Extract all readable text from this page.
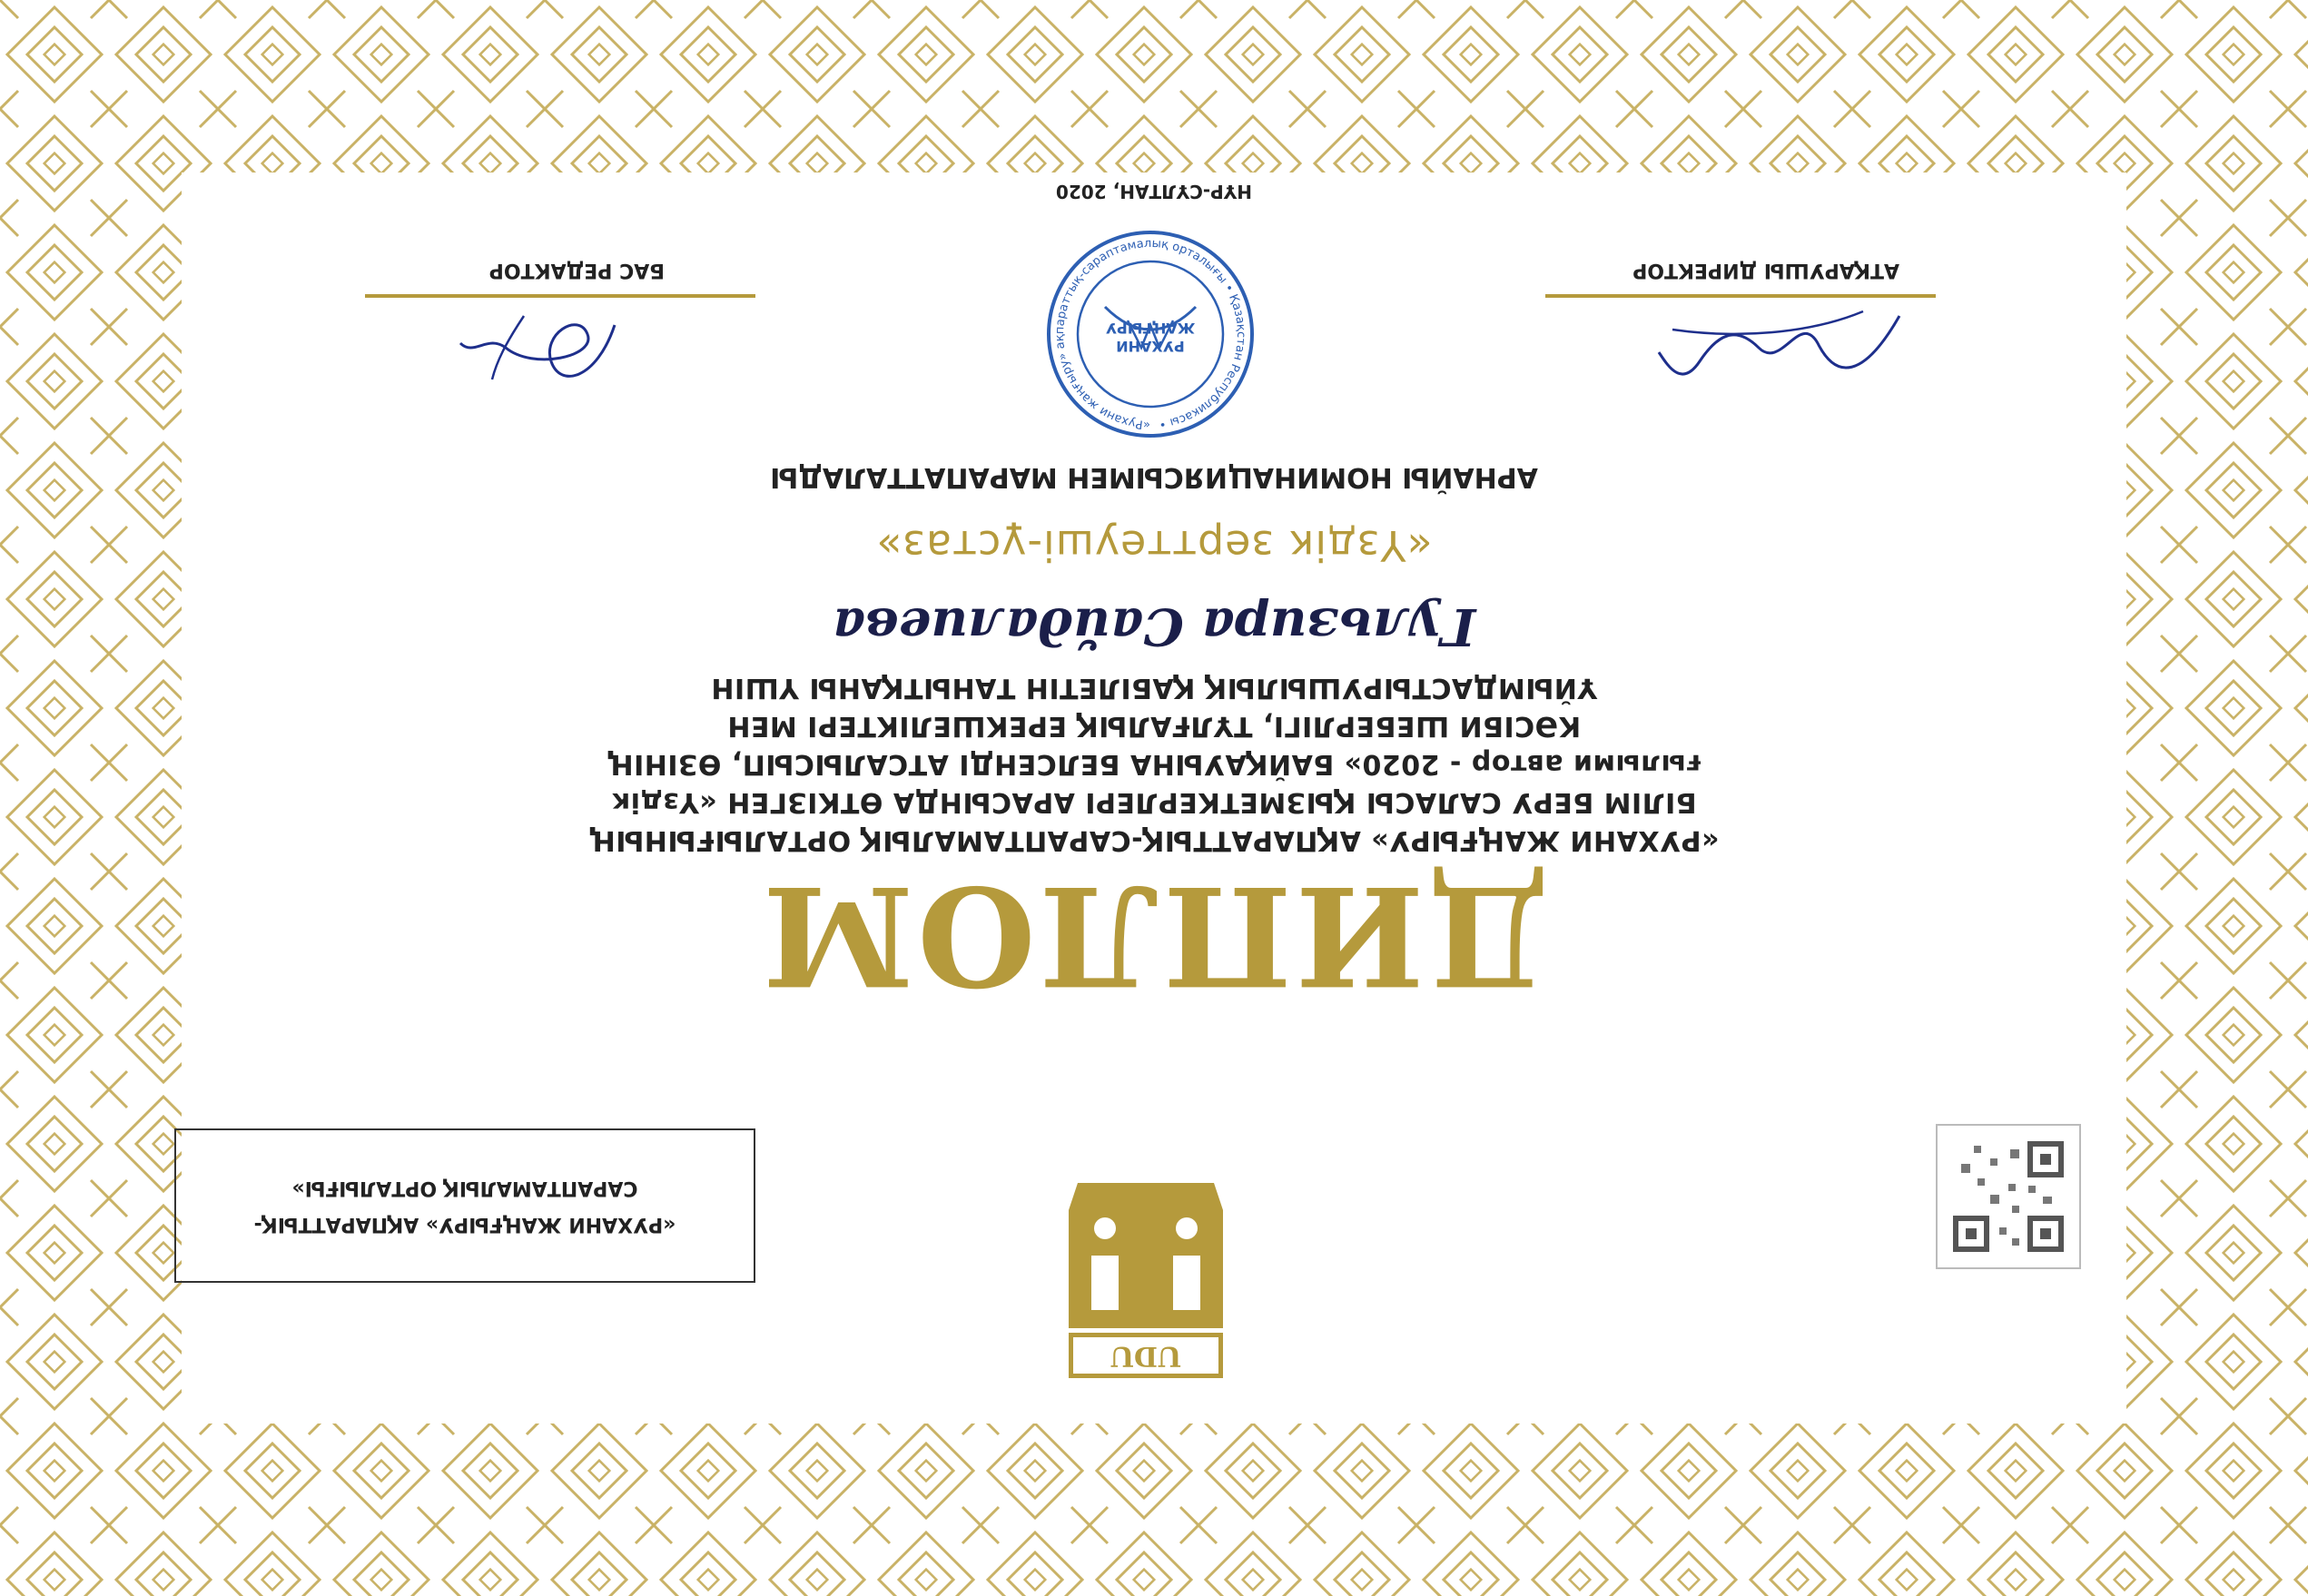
UDU
ДИПЛОМ
«РУХАНИ ЖАҢҒЫРУ» АҚПАРАТТЫҚ-САРАПТАМАЛЫҚ ОРТАЛЫҒЫНЫҢ
БІЛІМ БЕРУ САЛАСЫ ҚЫЗМЕТКЕРЛЕРІ АРАСЫНДА ӨТКІЗГЕН «Үздік
ғылыми автор - 2020» БАЙҚАУЫНА БЕЛСЕНДІ АТСАЛЫСЫП, ӨЗІНІҢ
КӘСІБИ ШЕБЕРЛІГІ, ТҰЛҒАЛЫҚ ЕРЕКШЕЛІКТЕРІ МЕН
ҰЙЫМДАСТЫРУШЫЛЫҚ ҚАБІЛЕТІН ТАНЫТҚАНЫ ҮШІН
Гульзира Сайдалиева
«Үздік зерттеуші-ұстаз»
АРНАЙЫ НОМИНАЦИЯСЫМЕН МАРАПАТТАЛАДЫ
АТҚАРУШЫ ДИРЕКТОР
«Рухани жаңғыру» ақпараттық-сараптамалық орталығы • Қазақстан Республикасы •
РУХАНИ
ЖАҢҒЫРУ
БАС РЕДАКТОР
НҰР-СҰЛТАН, 2020
«РУХАНИ ЖАҢҒЫРУ» АҚПАРАТТЫҚ-
САРАПТАМАЛЫҚ ОРТАЛЫҒЫ»
